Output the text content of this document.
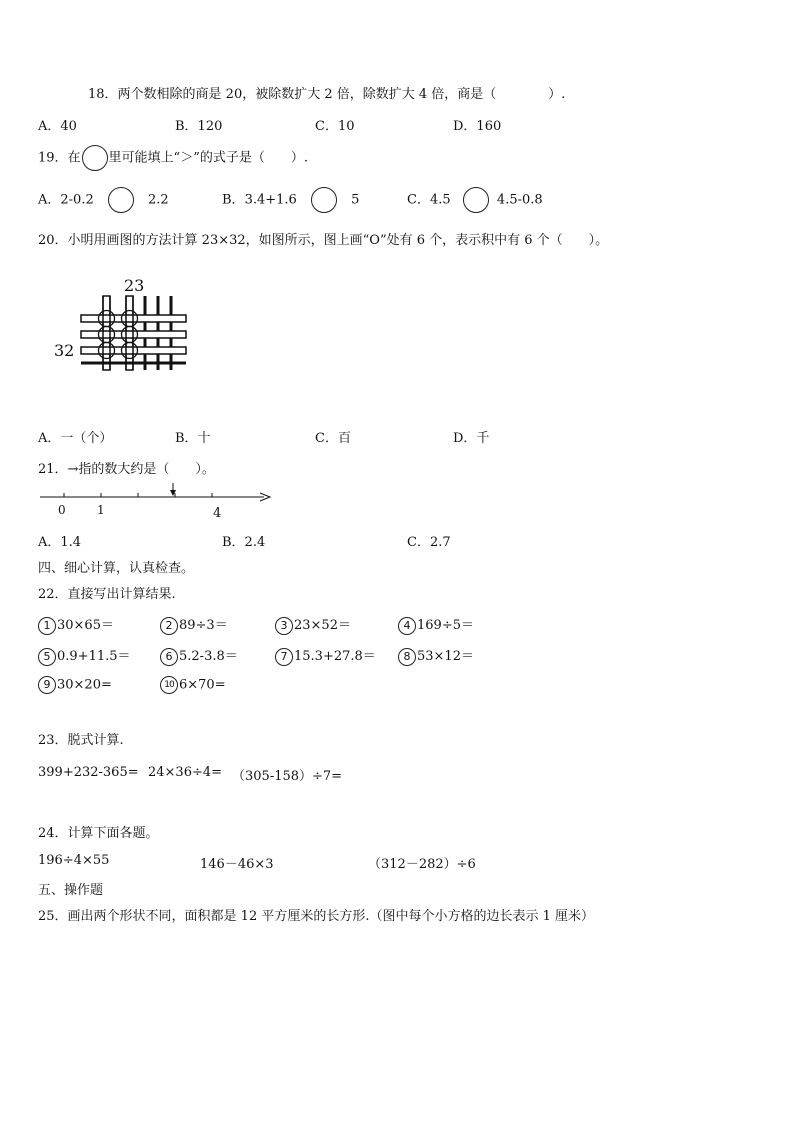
18．两个数相除的商是 20，被除数扩大 2 倍，除数扩大 4 倍，商是（　　　　）.
A．40	B．120	C．10	D．160
19．在 里可能填上“＞”的式子是（　　）.
A．2-0.2	2.2	B．3.4+1.6	5	C．4.5	4.5-0.8
20．小明用画图的方法计算 23×32，如图所示，图上画“O”处有 6 个，表示积中有 6 个（　　）。
23
32
A．一（个）	B．十	C．百	D．千
21．→指的数大约是（　　）。
0	1	4
A．1.4	B．2.4	C．2.7
四、细心计算，认真检查。
22．直接写出计算结果.
1 30×65＝	2 89÷3＝	3 23×52＝	4 169÷5＝
5 0.9+11.5＝	6 5.2-3.8＝	7 15.3+27.8＝	8 53×12＝
9 30×20=	10 6×70=
23．脱式计算.
399+232-365= 24×36÷4= （305-158）÷7=
24．计算下面各题。
196÷4×55	146－46×3	（312－282）÷6
五、操作题
25．画出两个形状不同，面积都是 12 平方厘米的长方形.（图中每个小方格的边长表示 1 厘米）
